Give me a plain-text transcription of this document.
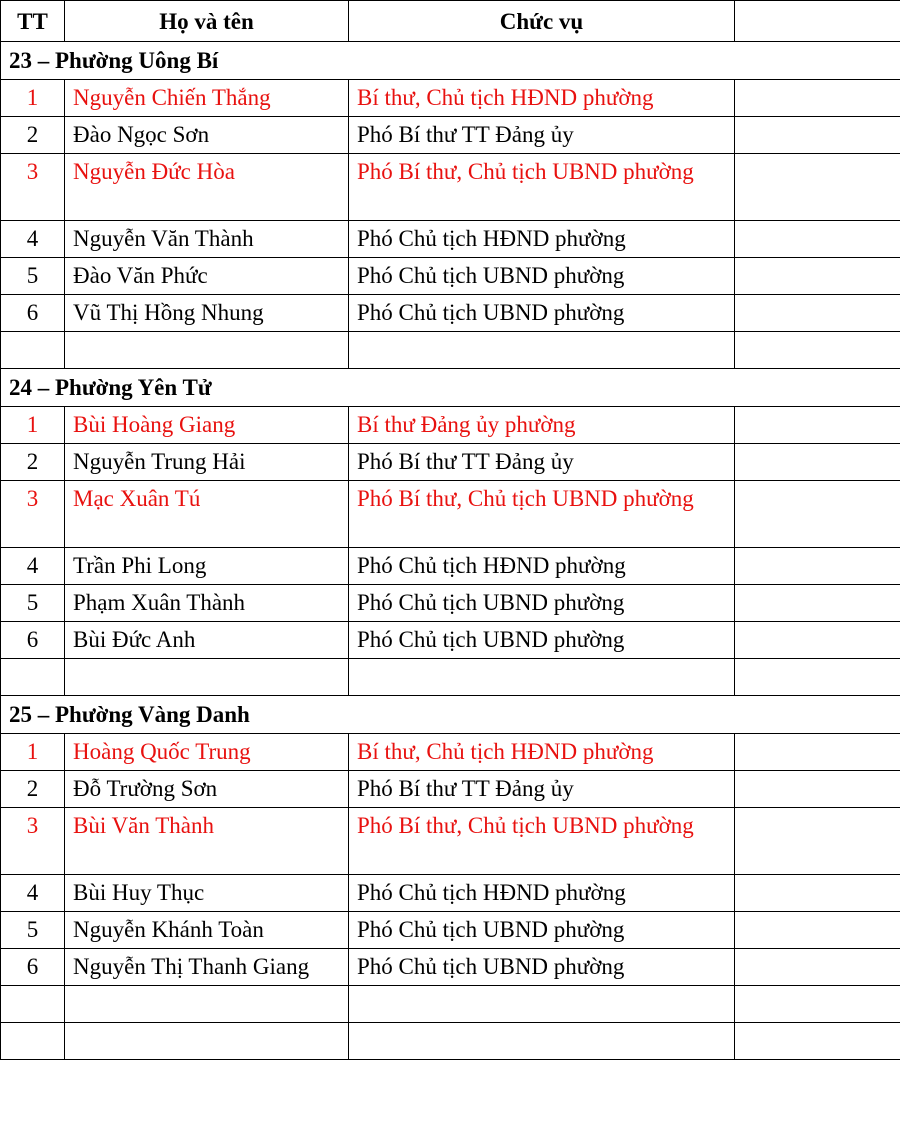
TT	Họ và tên	Chức vụ	
23 – Phường Uông Bí			
1	Nguyễn Chiến Thắng	Bí thư, Chủ tịch HĐND phường	
2	Đào Ngọc Sơn	Phó Bí thư TT Đảng ủy	
3	Nguyễn Đức Hòa	Phó Bí thư, Chủ tịch UBND phường	
4	Nguyễn Văn Thành	Phó Chủ tịch HĐND phường	
5	Đào Văn Phức	Phó Chủ tịch UBND phường	
6	Vũ Thị Hồng Nhung	Phó Chủ tịch UBND phường	

24 – Phường Yên Tử			
1	Bùi Hoàng Giang	Bí thư Đảng ủy phường	
2	Nguyễn Trung Hải	Phó Bí thư TT Đảng ủy	
3	Mạc Xuân Tú	Phó Bí thư, Chủ tịch UBND phường	
4	Trần Phi Long	Phó Chủ tịch HĐND phường	
5	Phạm Xuân Thành	Phó Chủ tịch UBND phường	
6	Bùi Đức Anh	Phó Chủ tịch UBND phường	

25 – Phường Vàng Danh			
1	Hoàng Quốc Trung	Bí thư, Chủ tịch HĐND phường	
2	Đỗ Trường Sơn	Phó Bí thư TT Đảng ủy	
3	Bùi Văn Thành	Phó Bí thư, Chủ tịch UBND phường	
4	Bùi Huy Thục	Phó Chủ tịch HĐND phường	
5	Nguyễn Khánh Toàn	Phó Chủ tịch UBND phường	
6	Nguyễn Thị Thanh Giang	Phó Chủ tịch UBND phường	
